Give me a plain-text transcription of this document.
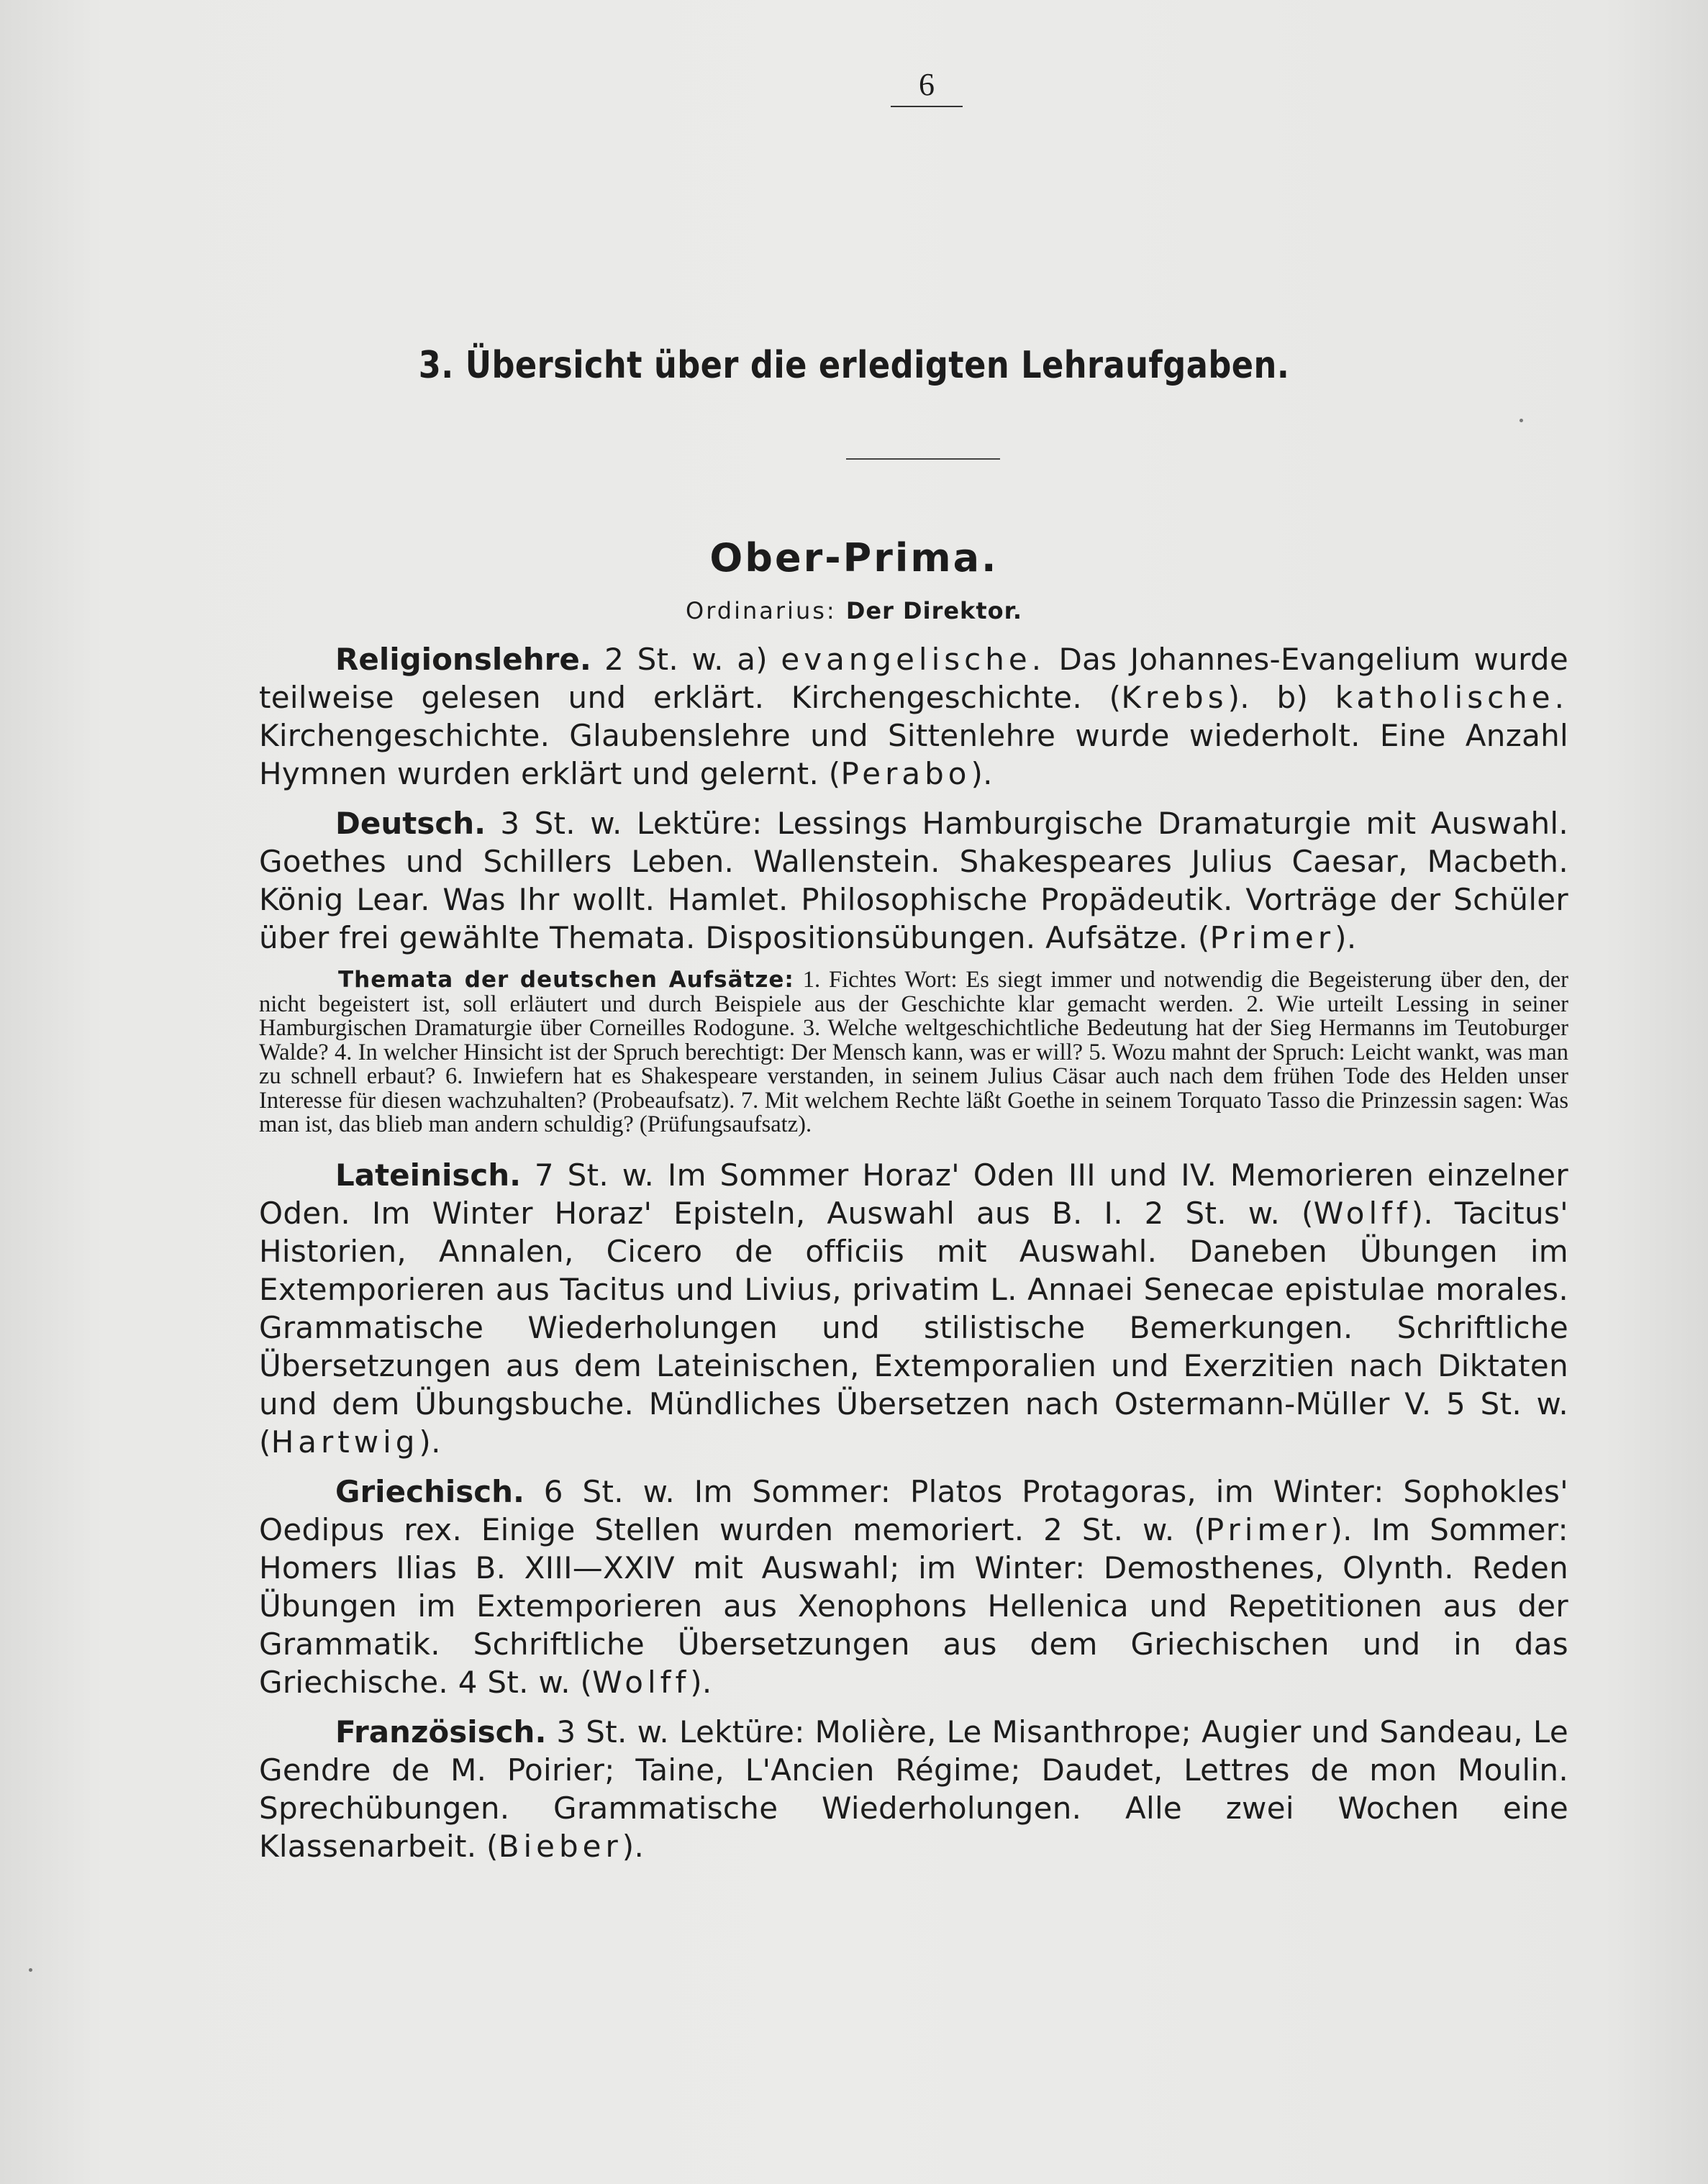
6
3. Übersicht über die erledigten Lehraufgaben.
Ober-Prima.
Ordinarius: Der Direktor.

Religionslehre. 2 St. w. a) evangelische. Das Johannes-Evangelium wurde teilweise gelesen und erklärt. Kirchengeschichte. (Krebs). b) katholische. Kirchengeschichte. Glaubenslehre und Sittenlehre wurde wiederholt. Eine Anzahl Hymnen wurden erklärt und gelernt. (Perabo).

Deutsch. 3 St. w. Lektüre: Lessings Hamburgische Dramaturgie mit Auswahl. Goethes und Schillers Leben. Wallenstein. Shakespeares Julius Caesar, Macbeth. König Lear. Was Ihr wollt. Hamlet. Philosophische Propädeutik. Vorträge der Schüler über frei gewählte Themata. Dispositionsübungen. Aufsätze. (Primer).

Themata der deutschen Aufsätze: 1. Fichtes Wort: Es siegt immer und notwendig die Begeisterung über den, der nicht begeistert ist, soll erläutert und durch Beispiele aus der Geschichte klar gemacht werden. 2. Wie urteilt Lessing in seiner Hamburgischen Dramaturgie über Corneilles Rodogune. 3. Welche weltgeschichtliche Bedeutung hat der Sieg Hermanns im Teutoburger Walde? 4. In welcher Hinsicht ist der Spruch berechtigt: Der Mensch kann, was er will? 5. Wozu mahnt der Spruch: Leicht wankt, was man zu schnell erbaut? 6. Inwiefern hat es Shakespeare verstanden, in seinem Julius Cäsar auch nach dem frühen Tode des Helden unser Interesse für diesen wachzuhalten? (Probeaufsatz). 7. Mit welchem Rechte läßt Goethe in seinem Torquato Tasso die Prinzessin sagen: Was man ist, das blieb man andern schuldig? (Prüfungsaufsatz).

Lateinisch. 7 St. w. Im Sommer Horaz' Oden III und IV. Memorieren einzelner Oden. Im Winter Horaz' Episteln, Auswahl aus B. I. 2 St. w. (Wolff). Tacitus' Historien, Annalen, Cicero de officiis mit Auswahl. Daneben Übungen im Extemporieren aus Tacitus und Livius, privatim L. Annaei Senecae epistulae morales. Grammatische Wiederholungen und stilistische Bemerkungen. Schriftliche Übersetzungen aus dem Lateinischen, Extemporalien und Exerzitien nach Diktaten und dem Übungsbuche. Mündliches Übersetzen nach Ostermann-Müller V. 5 St. w. (Hartwig).

Griechisch. 6 St. w. Im Sommer: Platos Protagoras, im Winter: Sophokles' Oedipus rex. Einige Stellen wurden memoriert. 2 St. w. (Primer). Im Sommer: Homers Ilias B. XIII—XXIV mit Auswahl; im Winter: Demosthenes, Olynth. Reden Übungen im Extemporieren aus Xenophons Hellenica und Repetitionen aus der Grammatik. Schriftliche Übersetzungen aus dem Griechischen und in das Griechische. 4 St. w. (Wolff).

Französisch. 3 St. w. Lektüre: Molière, Le Misanthrope; Augier und Sandeau, Le Gendre de M. Poirier; Taine, L'Ancien Régime; Daudet, Lettres de mon Moulin. Sprechübungen. Grammatische Wiederholungen. Alle zwei Wochen eine Klassenarbeit. (Bieber).
